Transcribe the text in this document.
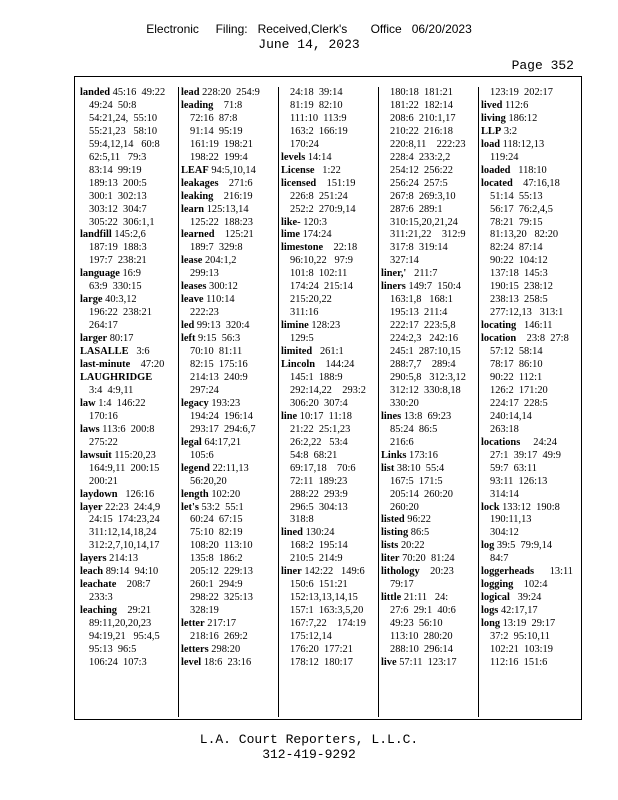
Electronic     Filing:   Received,Clerk's       Office   06/20/2023
June 14, 2023
Page 352
landed 45:16  49:22
49:24  50:8
54:21,24,  55:10
55:21,23   58:10
59:4,12,14   60:8
62:5,11   79:3
83:14  99:19
189:13  200:5
300:1  302:13
303:12  304:7
305:22  306:1,1
landfill 145:2,6
187:19  188:3
197:7  238:21
language 16:9
63:9  330:15
large 40:3,12
196:22  238:21
264:17
larger 80:17
LASALLE   3:6
last-minute    47:20
LAUGHRIDGE
3:4  4:9,11
law 1:4  146:22
170:16
laws 113:6  200:8
275:22
lawsuit 115:20,23
164:9,11  200:15
200:21
laydown   126:16
layer 22:23  24:4,9
24:15  174:23,24
311:12,14,18,24
312:2,7,10,14,17
layers 214:13
leach 89:14  94:10
leachate    208:7
233:3
leaching    29:21
89:11,20,20,23
94:19,21   95:4,5
95:13  96:5
106:24  107:3
lead 228:20  254:9
leading    71:8
72:16  87:8
91:14  95:19
161:19  198:21
198:22  199:4
LEAF 94:5,10,14
leakages    271:6
leaking    216:19
learn 125:13,14
125:22  188:23
learned    125:21
189:7  329:8
lease 204:1,2
299:13
leases 300:12
leave 110:14
222:23
led 99:13  320:4
left 9:15  56:3
70:10  81:11
82:15  175:16
214:13  240:9
297:24
legacy 193:23
194:24  196:14
293:17  294:6,7
legal 64:17,21
105:6
legend 22:11,13
56:20,20
length 102:20
let's 53:2  55:1
60:24  67:15
75:10  82:19
108:20  113:10
135:8  186:2
205:12  229:13
260:1  294:9
298:22  325:13
328:19
letter 217:17
218:16  269:2
letters 298:20
level 18:6  23:16
24:18  39:14
81:19  82:10
111:10  113:9
163:2  166:19
170:24
levels 14:14
License   1:22
licensed    151:19
226:8  251:24
252:2  270:9,14
like- 120:3
lime 174:24
limestone    22:18
96:10,22   97:9
101:8  102:11
174:24  215:14
215:20,22
311:16
limine 128:23
129:5
limited   261:1
Lincoln    144:24
145:1  188:9
292:14,22    293:2
306:20  307:4
line 10:17  11:18
21:22  25:1,23
26:2,22   53:4
54:8  68:21
69:17,18    70:6
72:11  189:23
288:22  293:9
296:5  304:13
318:8
lined 130:24
168:2  195:14
210:5  214:9
liner 142:22   149:6
150:6  151:21
152:13,13,14,15
157:1  163:3,5,20
167:7,22    174:19
175:12,14
176:20  177:21
178:12  180:17
180:18  181:21
181:22  182:14
208:6  210:1,17
210:22  216:18
220:8,11    222:23
228:4  233:2,2
254:12  256:22
256:24  257:5
267:8  269:3,10
287:6  289:1
310:15,20,21,24
311:21,22    312:9
317:8  319:14
327:14
liner,'   211:7
liners 149:7  150:4
163:1,8   168:1
195:13  211:4
222:17  223:5,8
224:2,3   242:16
245:1  287:10,15
288:7,7    289:4
290:5,8   312:3,12
312:12  330:8,18
330:20
lines 13:8  69:23
85:24  86:5
216:6
Links 173:16
list 38:10  55:4
167:5  171:5
205:14  260:20
260:20
listed 96:22
listing 86:5
lists 20:22
liter 70:20  81:24
lithology    20:23
79:17
little 21:11   24:
27:6  29:1  40:6
49:23  56:10
113:10  280:20
288:10  296:14
live 57:11  123:17
123:19  202:17
lived 112:6
living 186:12
LLP 3:2
load 118:12,13
119:24
loaded   118:10
located    47:16,18
51:14  55:13
56:17  76:2,4,5
78:21  79:15
81:13,20   82:20
82:24  87:14
90:22  104:12
137:18  145:3
190:15  238:12
238:13  258:5
277:12,13   313:1
locating   146:11
location    23:8  27:8
57:12  58:14
78:17  86:10
90:22  112:1
126:2  171:20
224:17  228:5
240:14,14
263:18
locations     24:24
27:1  39:17  49:9
59:7  63:11
93:11  126:13
314:14
lock 133:12  190:8
190:11,13
304:12
log 39:5  79:9,14
84:7
loggerheads      13:11
logging    102:4
logical   39:24
logs 42:17,17
long 13:19  29:17
37:2  95:10,11
102:21  103:19
112:16  151:6
L.A. Court Reporters, L.L.C.
312-419-9292
